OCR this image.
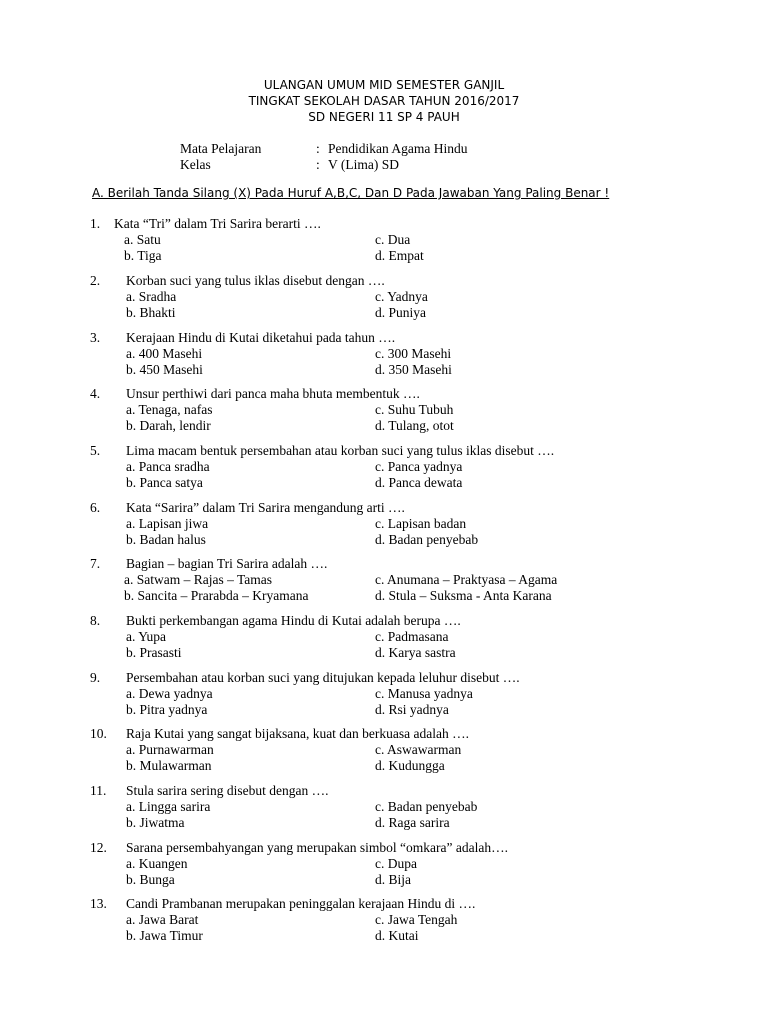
ULANGAN UMUM MID SEMESTER GANJIL
TINGKAT SEKOLAH DASAR TAHUN 2016/2017
SD NEGERI 11 SP 4 PAUH
Mata Pelajaran	: Pendidikan Agama Hindu
Kelas	: V (Lima) SD
A. Berilah Tanda Silang (X) Pada Huruf A,B,C, Dan D Pada Jawaban Yang Paling Benar !
1. Kata “Tri” dalam Tri Sarira berarti ….
a. Satu
b. Tiga
c. Dua
d. Empat
2. Korban suci yang tulus iklas disebut dengan ….
a. Sradha
b. Bhakti
c. Yadnya
d. Puniya
3. Kerajaan Hindu di Kutai diketahui pada tahun ….
a. 400 Masehi
b. 450 Masehi
c. 300 Masehi
d. 350 Masehi
4. Unsur perthiwi dari panca maha bhuta membentuk ….
a. Tenaga, nafas
b. Darah, lendir
c. Suhu Tubuh
d. Tulang, otot
5. Lima macam bentuk persembahan atau korban suci yang tulus iklas disebut ….
a. Panca sradha
b. Panca satya
c. Panca yadnya
d. Panca dewata
6. Kata “Sarira” dalam Tri Sarira mengandung arti ….
a. Lapisan jiwa
b. Badan halus
c. Lapisan badan
d. Badan penyebab
7. Bagian – bagian Tri Sarira adalah ….
a. Satwam – Rajas – Tamas
b. Sancita – Prarabda – Kryamana
c. Anumana – Praktyasa – Agama
d. Stula – Suksma - Anta Karana
8. Bukti perkembangan agama Hindu di Kutai adalah berupa ….
a. Yupa
b. Prasasti
c. Padmasana
d. Karya sastra
9. Persembahan atau korban suci yang ditujukan kepada leluhur disebut ….
a. Dewa yadnya
b. Pitra yadnya
c. Manusa yadnya
d. Rsi yadnya
10. Raja Kutai yang sangat bijaksana, kuat dan berkuasa adalah ….
a. Purnawarman
b. Mulawarman
c. Aswawarman
d. Kudungga
11. Stula sarira sering disebut dengan ….
a. Lingga sarira
b. Jiwatma
c. Badan penyebab
d. Raga sarira
12. Sarana persembahyangan yang merupakan simbol “omkara” adalah….
a. Kuangen
b. Bunga
c. Dupa
d. Bija
13. Candi Prambanan merupakan peninggalan kerajaan Hindu di ….
a. Jawa Barat
b. Jawa Timur
c. Jawa Tengah
d. Kutai
